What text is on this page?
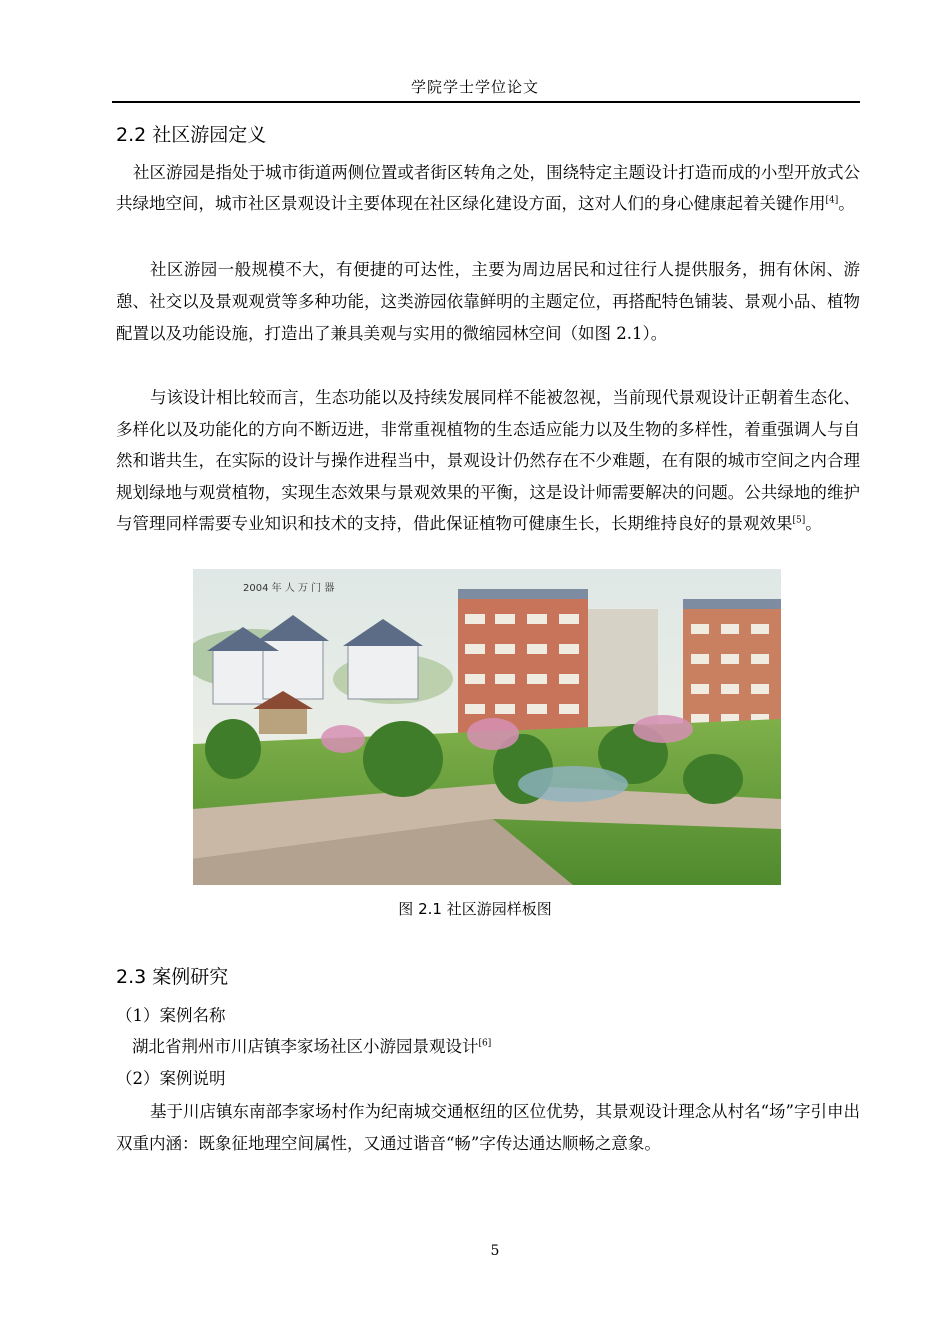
学院学士学位论文
2.2 社区游园定义
社区游园是指处于城市街道两侧位置或者街区转角之处，围绕特定主题设计打造而成的小型开放式公共绿地空间，城市社区景观设计主要体现在社区绿化建设方面，这对人们的身心健康起着关键作用[4]。
社区游园一般规模不大，有便捷的可达性，主要为周边居民和过往行人提供服务，拥有休闲、游憩、社交以及景观观赏等多种功能，这类游园依靠鲜明的主题定位，再搭配特色铺装、景观小品、植物配置以及功能设施，打造出了兼具美观与实用的微缩园林空间（如图 2.1）。
与该设计相比较而言，生态功能以及持续发展同样不能被忽视，当前现代景观设计正朝着生态化、多样化以及功能化的方向不断迈进，非常重视植物的生态适应能力以及生物的多样性，着重强调人与自然和谐共生，在实际的设计与操作进程当中，景观设计仍然存在不少难题，在有限的城市空间之内合理规划绿地与观赏植物，实现生态效果与景观效果的平衡，这是设计师需要解决的问题。公共绿地的维护与管理同样需要专业知识和技术的支持，借此保证植物可健康生长，长期维持良好的景观效果[5]。
2004 年 人 万 门 器
图 2.1 社区游园样板图
2.3 案例研究
（1）案例名称
湖北省荆州市川店镇李家场社区小游园景观设计[6]
（2）案例说明
基于川店镇东南部李家场村作为纪南城交通枢纽的区位优势，其景观设计理念从村名“场”字引申出双重内涵：既象征地理空间属性，又通过谐音“畅”字传达通达顺畅之意象。
5
